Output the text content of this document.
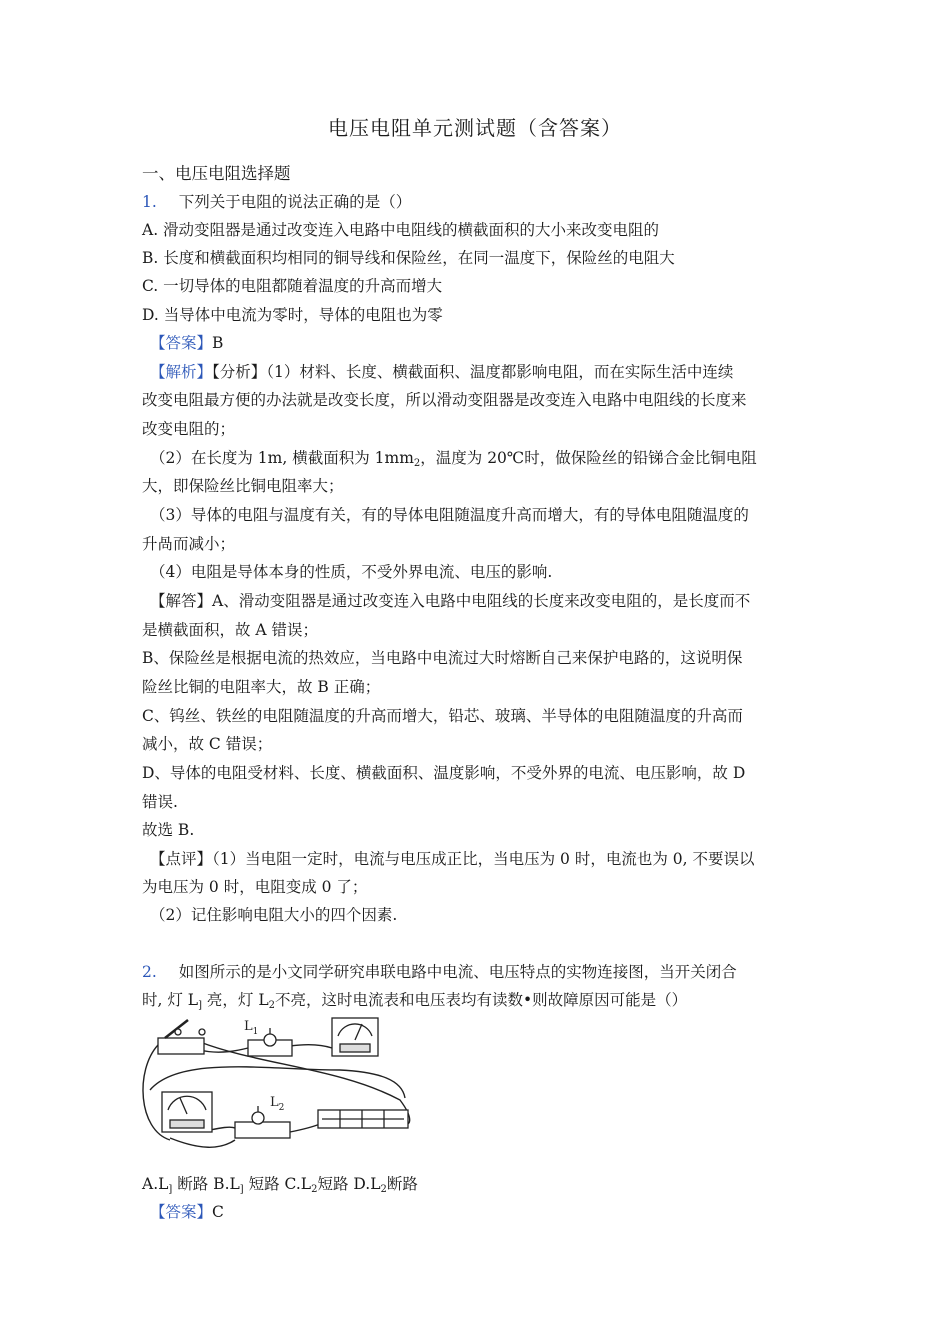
电压电阻单元测试题（含答案）
一、电压电阻选择题
1. 下列关于电阻的说法正确的是（）
A. 滑动变阻器是通过改变连入电路中电阻线的横截面积的大小来改变电阻的
B. 长度和横截面积均相同的铜导线和保险丝，在同一温度下，保险丝的电阻大
C. 一切导体的电阻都随着温度的升高而增大
D. 当导体中电流为零时，导体的电阻也为零
【答案】B
【解析】【分析】（1）材料、长度、横截面积、温度都影响电阻，而在实际生活中连续
改变电阻最方便的办法就是改变长度，所以滑动变阻器是改变连入电路中电阻线的长度来
改变电阻的；
（2）在长度为 1m, 横截面积为 $1mm_2$，温度为 20℃时，做保险丝的铅锑合金比铜电阻
大，即保险丝比铜电阻率大；
（3）导体的电阻与温度有关，有的导体电阻随温度升高而增大，有的导体电阻随温度的
升咼而减小；
（4）电阻是导体本身的性质，不受外界电流、电压的影响.
【解答】A、滑动变阻器是通过改变连入电路中电阻线的长度来改变电阻的，是长度而不
是横截面积，故 A 错误；
B、保险丝是根据电流的热效应，当电路中电流过大时熔断自己来保护电路的，这说明保
险丝比铜的电阻率大，故 B 正确；
C、钨丝、铁丝的电阻随温度的升高而增大，铅芯、玻璃、半导体的电阻随温度的升高而
减小，故 C 错误；
D、导体的电阻受材料、长度、横截面积、温度影响，不受外界的电流、电压影响，故 D
错误.
故选 B.
【点评】（1）当电阻一定时，电流与电压成正比，当电压为 0 时，电流也为 0, 不要误以
为电压为 0 时，电阻变成 0 了；
（2）记住影响电阻大小的四个因素.
2. 如图所示的是小文同学研究串联电路中电流、电压特点的实物连接图，当开关闭合
时, 灯 $L_]$ 亮，灯 $L_2$不亮，这时电流表和电压表均有读数•则故障原因可能是（）
$L_1$
$L_2$
$A.L_]$ 断路 $B.L_]$ 短路 $C.L_2$短路 $D.L_2$断路
【答案】C
